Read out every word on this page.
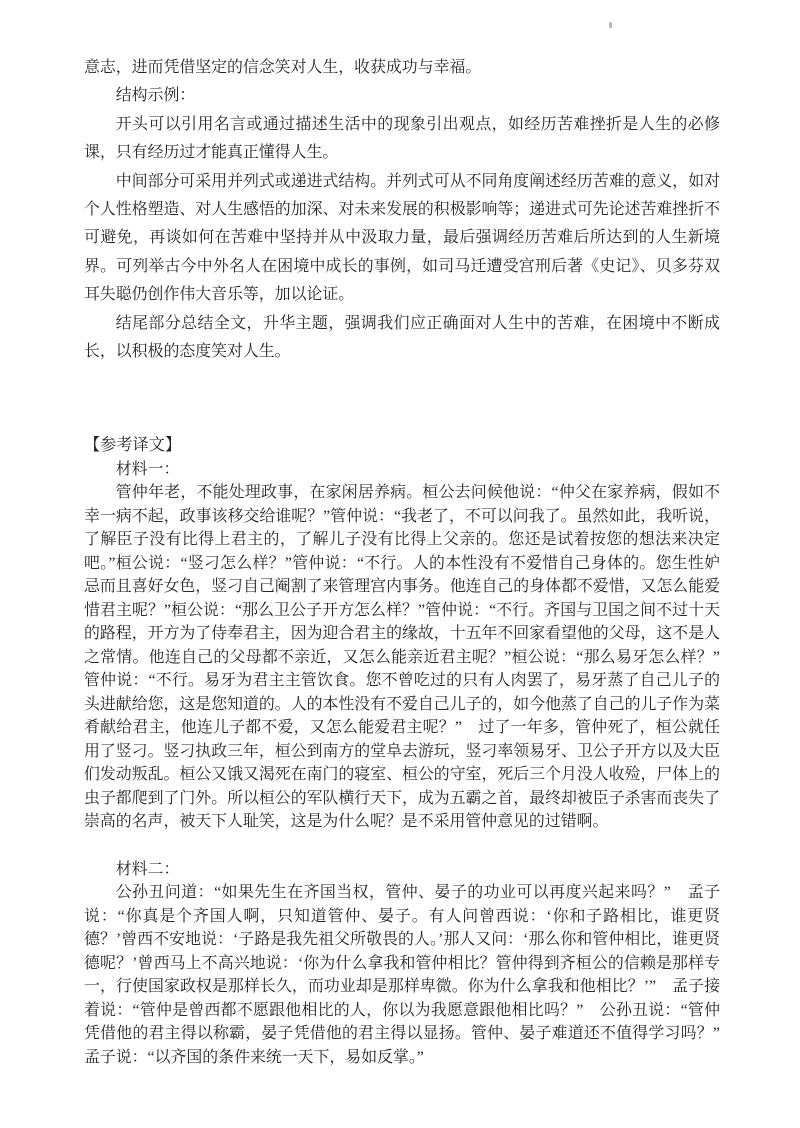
意志，进而凭借坚定的信念笑对人生，收获成功与幸福。

结构示例：

开头可以引用名言或通过描述生活中的现象引出观点，如经历苦难挫折是人生的必修课，只有经历过才能真正懂得人生。

中间部分可采用并列式或递进式结构。并列式可从不同角度阐述经历苦难的意义，如对个人性格塑造、对人生感悟的加深、对未来发展的积极影响等；递进式可先论述苦难挫折不可避免，再谈如何在苦难中坚持并从中汲取力量，最后强调经历苦难后所达到的人生新境界。可列举古今中外名人在困境中成长的事例，如司马迁遭受宫刑后著《史记》、贝多芬双耳失聪仍创作伟大音乐等，加以论证。

结尾部分总结全文，升华主题，强调我们应正确面对人生中的苦难，在困境中不断成长，以积极的态度笑对人生。

【参考译文】

材料一：

管仲年老，不能处理政事，在家闲居养病。桓公去问候他说：“仲父在家养病，假如不幸一病不起，政事该移交给谁呢？”管仲说：“我老了，不可以问我了。虽然如此，我听说，了解臣子没有比得上君主的，了解儿子没有比得上父亲的。您还是试着按您的想法来决定吧。”桓公说：“竖刁怎么样？”管仲说：“不行。人的本性没有不爱惜自己身体的。您生性妒忌而且喜好女色，竖刁自己阉割了来管理宫内事务。他连自己的身体都不爱惜，又怎么能爱惜君主呢？”桓公说：“那么卫公子开方怎么样？”管仲说：“不行。齐国与卫国之间不过十天的路程，开方为了侍奉君主，因为迎合君主的缘故，十五年不回家看望他的父母，这不是人之常情。他连自己的父母都不亲近，又怎么能亲近君主呢？”桓公说：“那么易牙怎么样？”管仲说：“不行。易牙为君主主管饮食。您不曾吃过的只有人肉罢了，易牙蒸了自己儿子的头进献给您，这是您知道的。人的本性没有不爱自己儿子的，如今他蒸了自己的儿子作为菜肴献给君主，他连儿子都不爱，又怎么能爱君主呢？”　过了一年多，管仲死了，桓公就任用了竖刁。竖刁执政三年，桓公到南方的堂阜去游玩，竖刁率领易牙、卫公子开方以及大臣们发动叛乱。桓公又饿又渴死在南门的寝室、桓公的守室，死后三个月没人收殓，尸体上的虫子都爬到了门外。所以桓公的军队横行天下，成为五霸之首，最终却被臣子杀害而丧失了崇高的名声，被天下人耻笑，这是为什么呢？是不采用管仲意见的过错啊。

材料二：

公孙丑问道：“如果先生在齐国当权，管仲、晏子的功业可以再度兴起来吗？”　孟子说：“你真是个齐国人啊，只知道管仲、晏子。有人问曾西说：‘你和子路相比，谁更贤德？’曾西不安地说：‘子路是我先祖父所敬畏的人。’那人又问：‘那么你和管仲相比，谁更贤德呢？’曾西马上不高兴地说：‘你为什么拿我和管仲相比？管仲得到齐桓公的信赖是那样专一，行使国家政权是那样长久，而功业却是那样卑微。你为什么拿我和他相比？’”　孟子接着说：“管仲是曾西都不愿跟他相比的人，你以为我愿意跟他相比吗？”　公孙丑说：“管仲凭借他的君主得以称霸，晏子凭借他的君主得以显扬。管仲、晏子难道还不值得学习吗？”　孟子说：“以齐国的条件来统一天下，易如反掌。”
